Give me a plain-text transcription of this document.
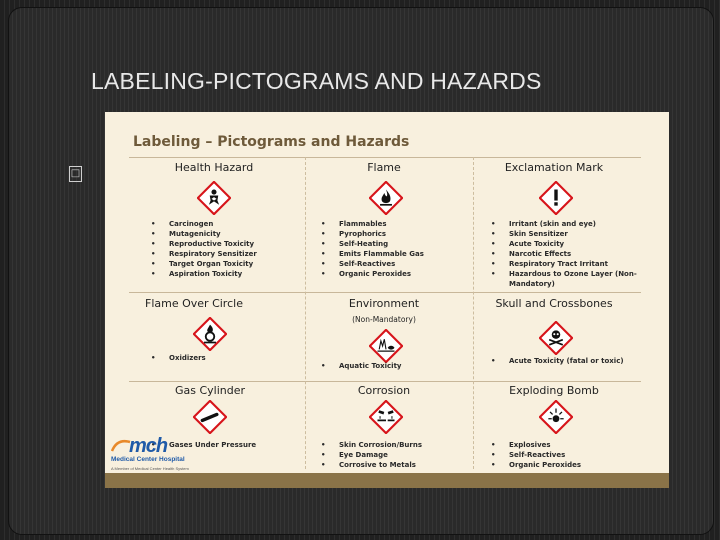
LABELING-PICTOGRAMS AND HAZARDS
□
Labeling – Pictograms and Hazards
Health Hazard	Flame	Exclamation Mark
• Carcinogen
• Mutagenicity
• Reproductive Toxicity
• Respiratory Sensitizer
• Target Organ Toxicity
• Aspiration Toxicity
• Flammables
• Pyrophorics
• Self-Heating
• Emits Flammable Gas
• Self-Reactives
• Organic Peroxides
• Irritant (skin and eye)
• Skin Sensitizer
• Acute Toxicity
• Narcotic Effects
• Respiratory Tract Irritant
• Hazardous to Ozone Layer (Non-Mandatory)
Flame Over Circle	Environment
(Non-Mandatory)
Skull and Crossbones
• Oxidizers
• Aquatic Toxicity
• Acute Toxicity (fatal or toxic)
Gas Cylinder	Corrosion	Exploding Bomb
• Gases Under Pressure
•	Skin Corrosion/Burns
• Eye Damage
• Corrosive to Metals
• Explosives
• Self-Reactives
• Organic Peroxides
mch
Medical Center Hospital
A Member of Medical Center Health System
